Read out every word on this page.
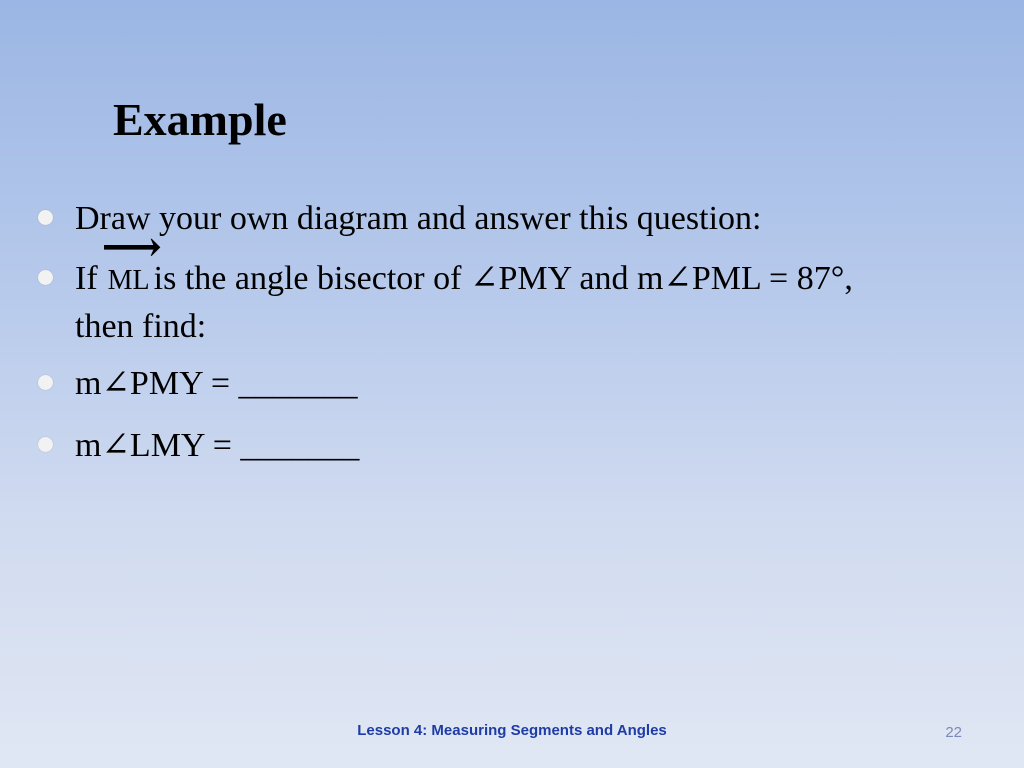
Example
Draw your own diagram and answer this question:
If
⟶
ML is the angle bisector of ∠PMY and m∠PML = 87°,
then find:
m∠PMY = _______
m∠LMY = _______
Lesson 4: Measuring Segments and Angles	22
